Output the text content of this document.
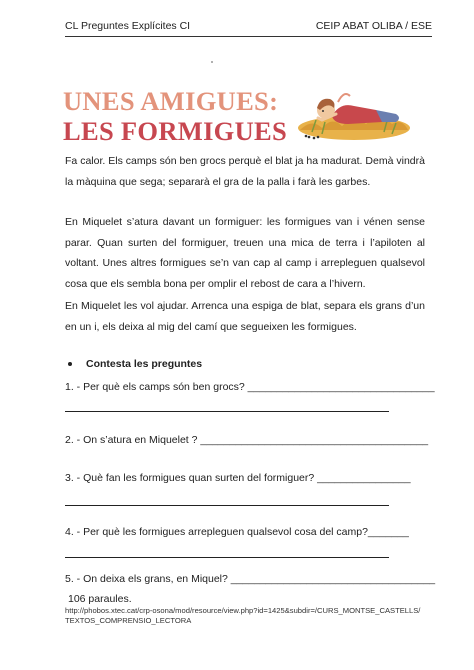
CL Preguntes Explícites CI	CEIP ABAT OLIBA / ESE
UNES AMIGUES:
LES FORMIGUES
Fa calor. Els camps són ben grocs perquè el blat ja ha madurat. Demà vindrà la màquina que sega; separarà el gra de la palla i farà les garbes.
En Miquelet s’atura davant un formiguer: les formigues van i vénen sense parar. Quan surten del formiguer, treuen una mica de terra i l’apiloten al voltant. Unes altres formigues se’n van cap al camp i arrepleguen qualsevol cosa que els sembla bona per omplir el rebost de cara a l’hivern.
En Miquelet les vol ajudar. Arrenca una espiga de blat, separa els grans d’un en un i, els deixa al mig del camí que segueixen les formigues.
Contesta les preguntes
1. - Per què els camps són ben grocs? ________________________________
2. - On s’atura en Miquelet ? _______________________________________
3. - Què fan les formigues quan surten del formiguer? ________________
4. - Per què les formigues arrepleguen qualsevol cosa del camp?_______
5. - On deixa els grans, en Miquel? ___________________________________
106 paraules.
http://phobos.xtec.cat/crp-osona/mod/resource/view.php?id=1425&subdir=/CURS_MONTSE_CASTELLS/
TEXTOS_COMPRENSIO_LECTORA
